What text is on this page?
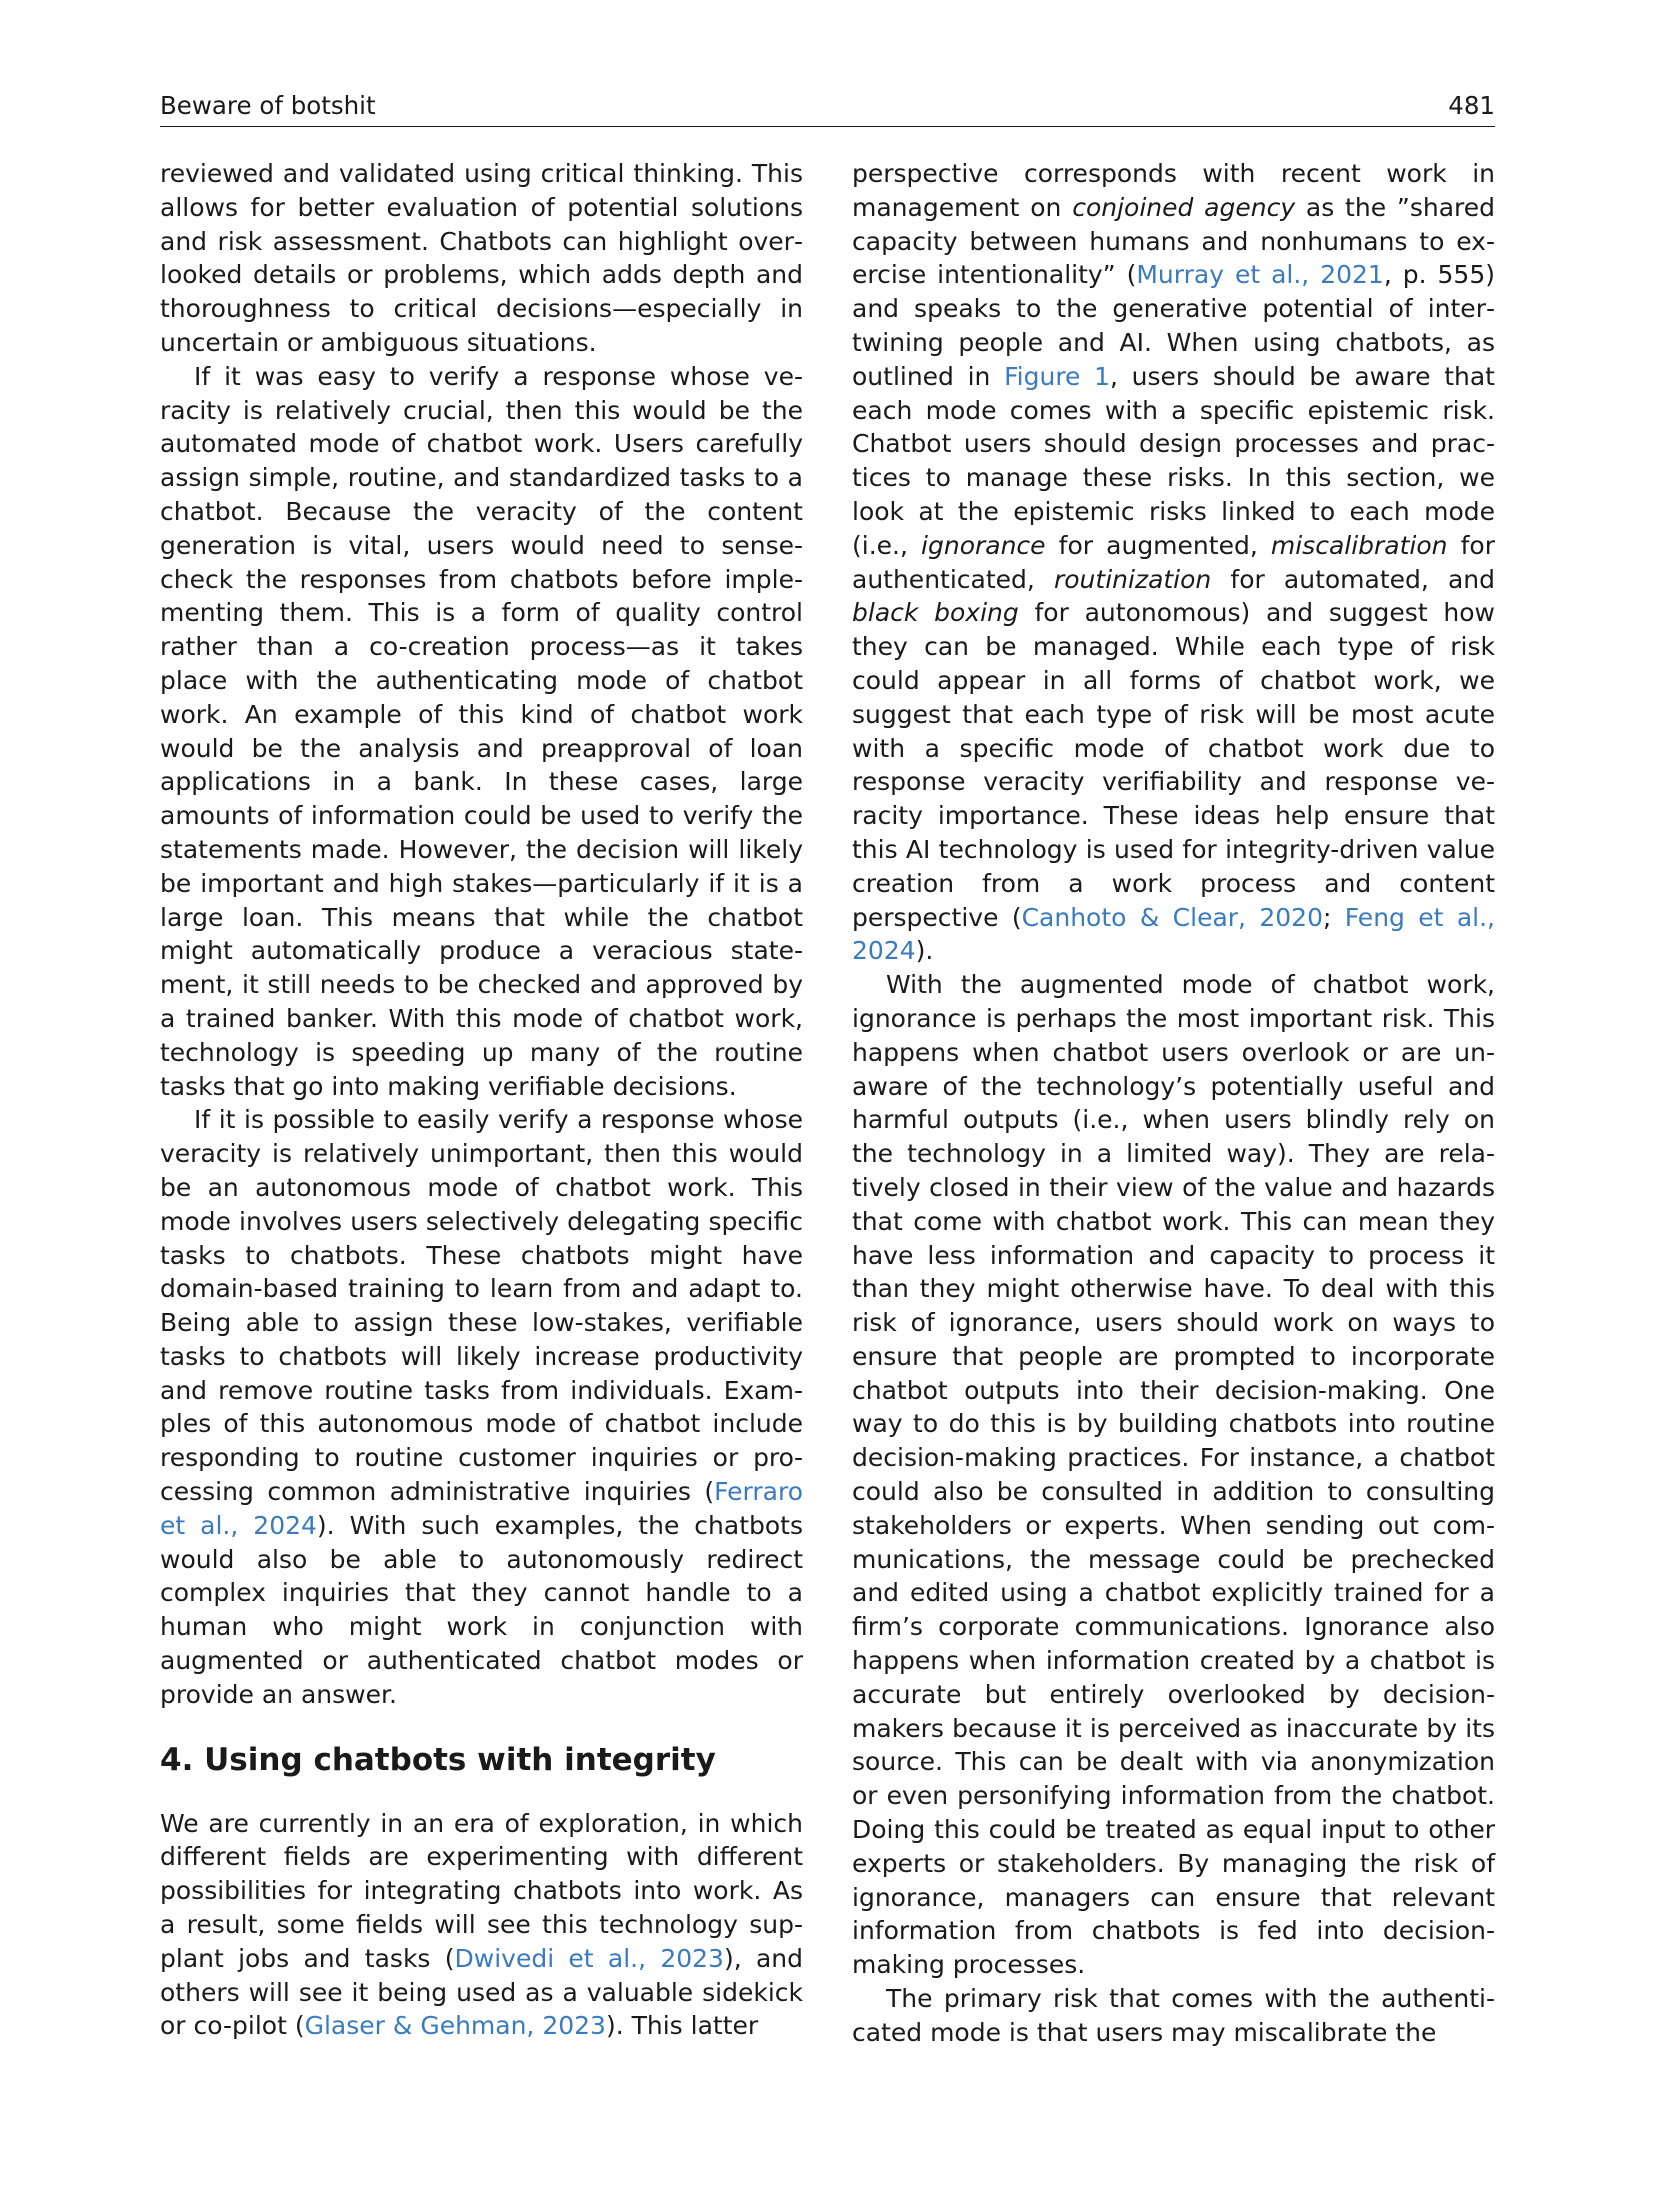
Beware of botshit	481

reviewed and validated using critical thinking. This allows for better evaluation of potential solutions and risk assessment. Chatbots can highlight overlooked details or problems, which adds depth and thoroughness to critical decisions—especially in uncertain or ambiguous situations.

If it was easy to verify a response whose veracity is relatively crucial, then this would be the automated mode of chatbot work. Users carefully assign simple, routine, and standardized tasks to a chatbot. Because the veracity of the content generation is vital, users would need to sense-check the responses from chatbots before implementing them. This is a form of quality control rather than a co-creation process—as it takes place with the authenticating mode of chatbot work. An example of this kind of chatbot work would be the analysis and preapproval of loan applications in a bank. In these cases, large amounts of information could be used to verify the statements made. However, the decision will likely be important and high stakes—particularly if it is a large loan. This means that while the chatbot might automatically produce a veracious statement, it still needs to be checked and approved by a trained banker. With this mode of chatbot work, technology is speeding up many of the routine tasks that go into making verifiable decisions.

If it is possible to easily verify a response whose veracity is relatively unimportant, then this would be an autonomous mode of chatbot work. This mode involves users selectively delegating specific tasks to chatbots. These chatbots might have domain-based training to learn from and adapt to. Being able to assign these low-stakes, verifiable tasks to chatbots will likely increase productivity and remove routine tasks from individuals. Examples of this autonomous mode of chatbot include responding to routine customer inquiries or processing common administrative inquiries (Ferraro et al., 2024). With such examples, the chatbots would also be able to autonomously redirect complex inquiries that they cannot handle to a human who might work in conjunction with augmented or authenticated chatbot modes or provide an answer.

4. Using chatbots with integrity

We are currently in an era of exploration, in which different fields are experimenting with different possibilities for integrating chatbots into work. As a result, some fields will see this technology supplant jobs and tasks (Dwivedi et al., 2023), and others will see it being used as a valuable sidekick or co-pilot (Glaser & Gehman, 2023). This latter

perspective corresponds with recent work in management on conjoined agency as the ”shared capacity between humans and nonhumans to exercise intentionality” (Murray et al., 2021, p. 555) and speaks to the generative potential of intertwining people and AI. When using chatbots, as outlined in Figure 1, users should be aware that each mode comes with a specific epistemic risk. Chatbot users should design processes and practices to manage these risks. In this section, we look at the epistemic risks linked to each mode (i.e., ignorance for augmented, miscalibration for authenticated, routinization for automated, and black boxing for autonomous) and suggest how they can be managed. While each type of risk could appear in all forms of chatbot work, we suggest that each type of risk will be most acute with a specific mode of chatbot work due to response veracity verifiability and response veracity importance. These ideas help ensure that this AI technology is used for integrity-driven value creation from a work process and content perspective (Canhoto & Clear, 2020; Feng et al., 2024).

With the augmented mode of chatbot work, ignorance is perhaps the most important risk. This happens when chatbot users overlook or are unaware of the technology’s potentially useful and harmful outputs (i.e., when users blindly rely on the technology in a limited way). They are relatively closed in their view of the value and hazards that come with chatbot work. This can mean they have less information and capacity to process it than they might otherwise have. To deal with this risk of ignorance, users should work on ways to ensure that people are prompted to incorporate chatbot outputs into their decision-making. One way to do this is by building chatbots into routine decision-making practices. For instance, a chatbot could also be consulted in addition to consulting stakeholders or experts. When sending out communications, the message could be prechecked and edited using a chatbot explicitly trained for a firm’s corporate communications. Ignorance also happens when information created by a chatbot is accurate but entirely overlooked by decision-makers because it is perceived as inaccurate by its source. This can be dealt with via anonymization or even personifying information from the chatbot. Doing this could be treated as equal input to other experts or stakeholders. By managing the risk of ignorance, managers can ensure that relevant information from chatbots is fed into decision-making processes.

The primary risk that comes with the authenticated mode is that users may miscalibrate the
